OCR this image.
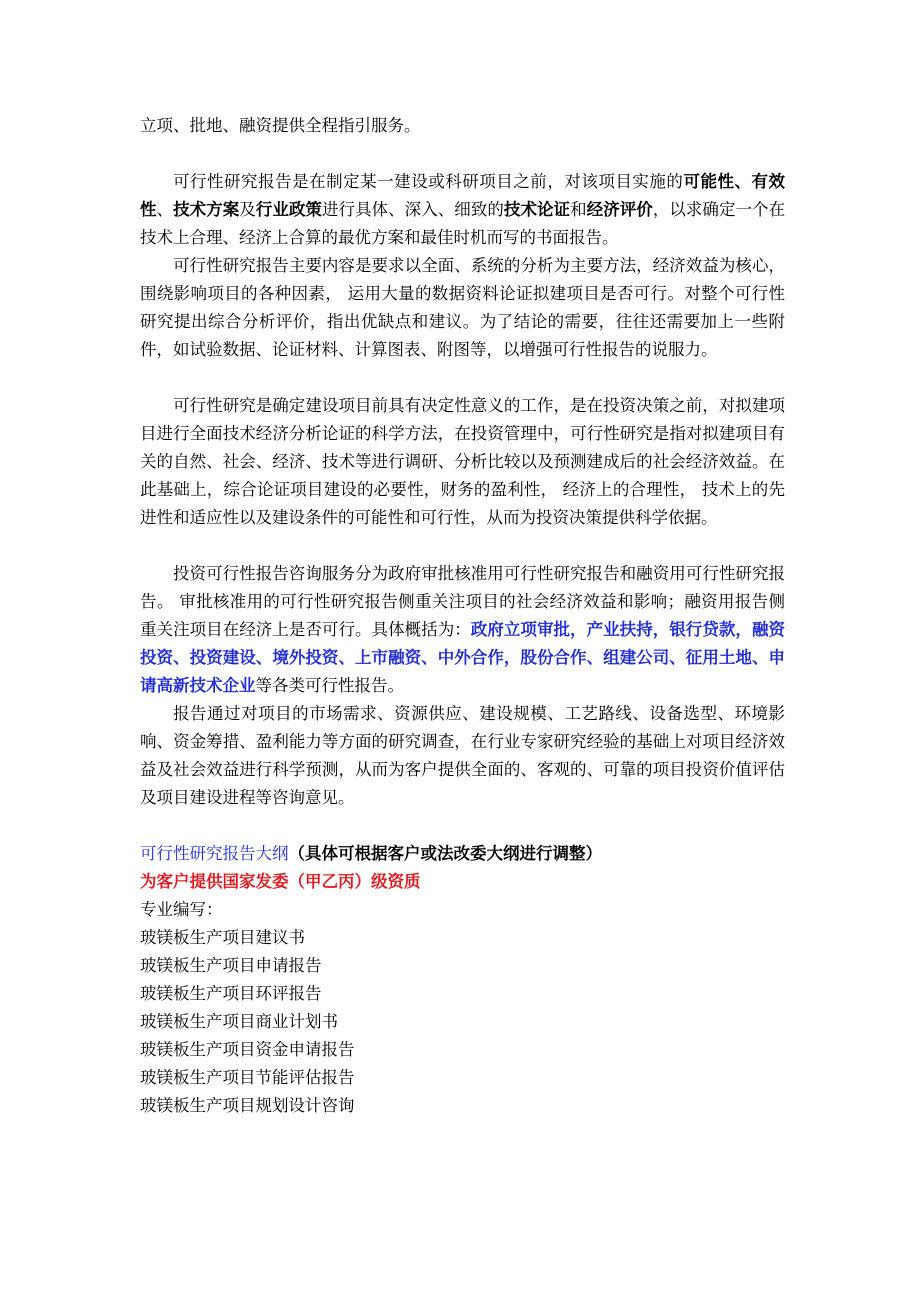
立项、批地、融资提供全程指引服务。

可行性研究报告是在制定某一建设或科研项目之前，对该项目实施的可能性、有效性、技术方案及行业政策进行具体、深入、细致的技术论证和经济评价，以求确定一个在技术上合理、经济上合算的最优方案和最佳时机而写的书面报告。

可行性研究报告主要内容是要求以全面、系统的分析为主要方法，经济效益为核心， 围绕影响项目的各种因素， 运用大量的数据资料论证拟建项目是否可行。对整个可行性研究提出综合分析评价，指出优缺点和建议。为了结论的需要，往往还需要加上一些附件，如试验数据、论证材料、计算图表、附图等，以增强可行性报告的说服力。

可行性研究是确定建设项目前具有决定性意义的工作，是在投资决策之前，对拟建项目进行全面技术经济分析论证的科学方法，在投资管理中，可行性研究是指对拟建项目有关的自然、社会、经济、技术等进行调研、分析比较以及预测建成后的社会经济效益。在此基础上，综合论证项目建设的必要性，财务的盈利性， 经济上的合理性， 技术上的先进性和适应性以及建设条件的可能性和可行性，从而为投资决策提供科学依据。

投资可行性报告咨询服务分为政府审批核准用可行性研究报告和融资用可行性研究报告。 审批核准用的可行性研究报告侧重关注项目的社会经济效益和影响；融资用报告侧重关注项目在经济上是否可行。具体概括为：政府立项审批，产业扶持，银行贷款，融资投资、投资建设、境外投资、上市融资、中外合作，股份合作、组建公司、征用土地、申请高新技术企业等各类可行性报告。

报告通过对项目的市场需求、资源供应、建设规模、工艺路线、设备选型、环境影响、资金筹措、盈利能力等方面的研究调查，在行业专家研究经验的基础上对项目经济效益及社会效益进行科学预测，从而为客户提供全面的、客观的、可靠的项目投资价值评估及项目建设进程等咨询意见。

可行性研究报告大纲（具体可根据客户或法改委大纲进行调整）

为客户提供国家发委（甲乙丙）级资质

专业编写：

玻镁板生产项目建议书

玻镁板生产项目申请报告

玻镁板生产项目环评报告

玻镁板生产项目商业计划书

玻镁板生产项目资金申请报告

玻镁板生产项目节能评估报告

玻镁板生产项目规划设计咨询
